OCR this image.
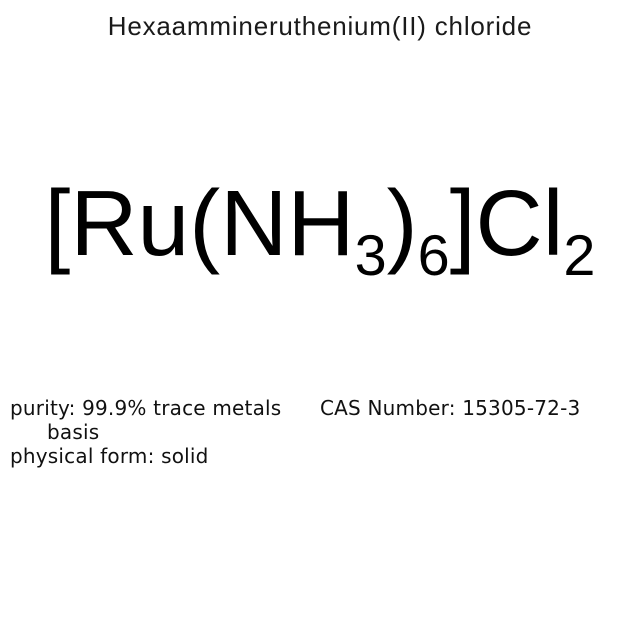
Hexaammineruthenium(II) chloride
$[Ru(NH_3)_6]Cl_2$

purity: 99.9% trace metals basis

physical form: solid

CAS Number: 15305-72-3
